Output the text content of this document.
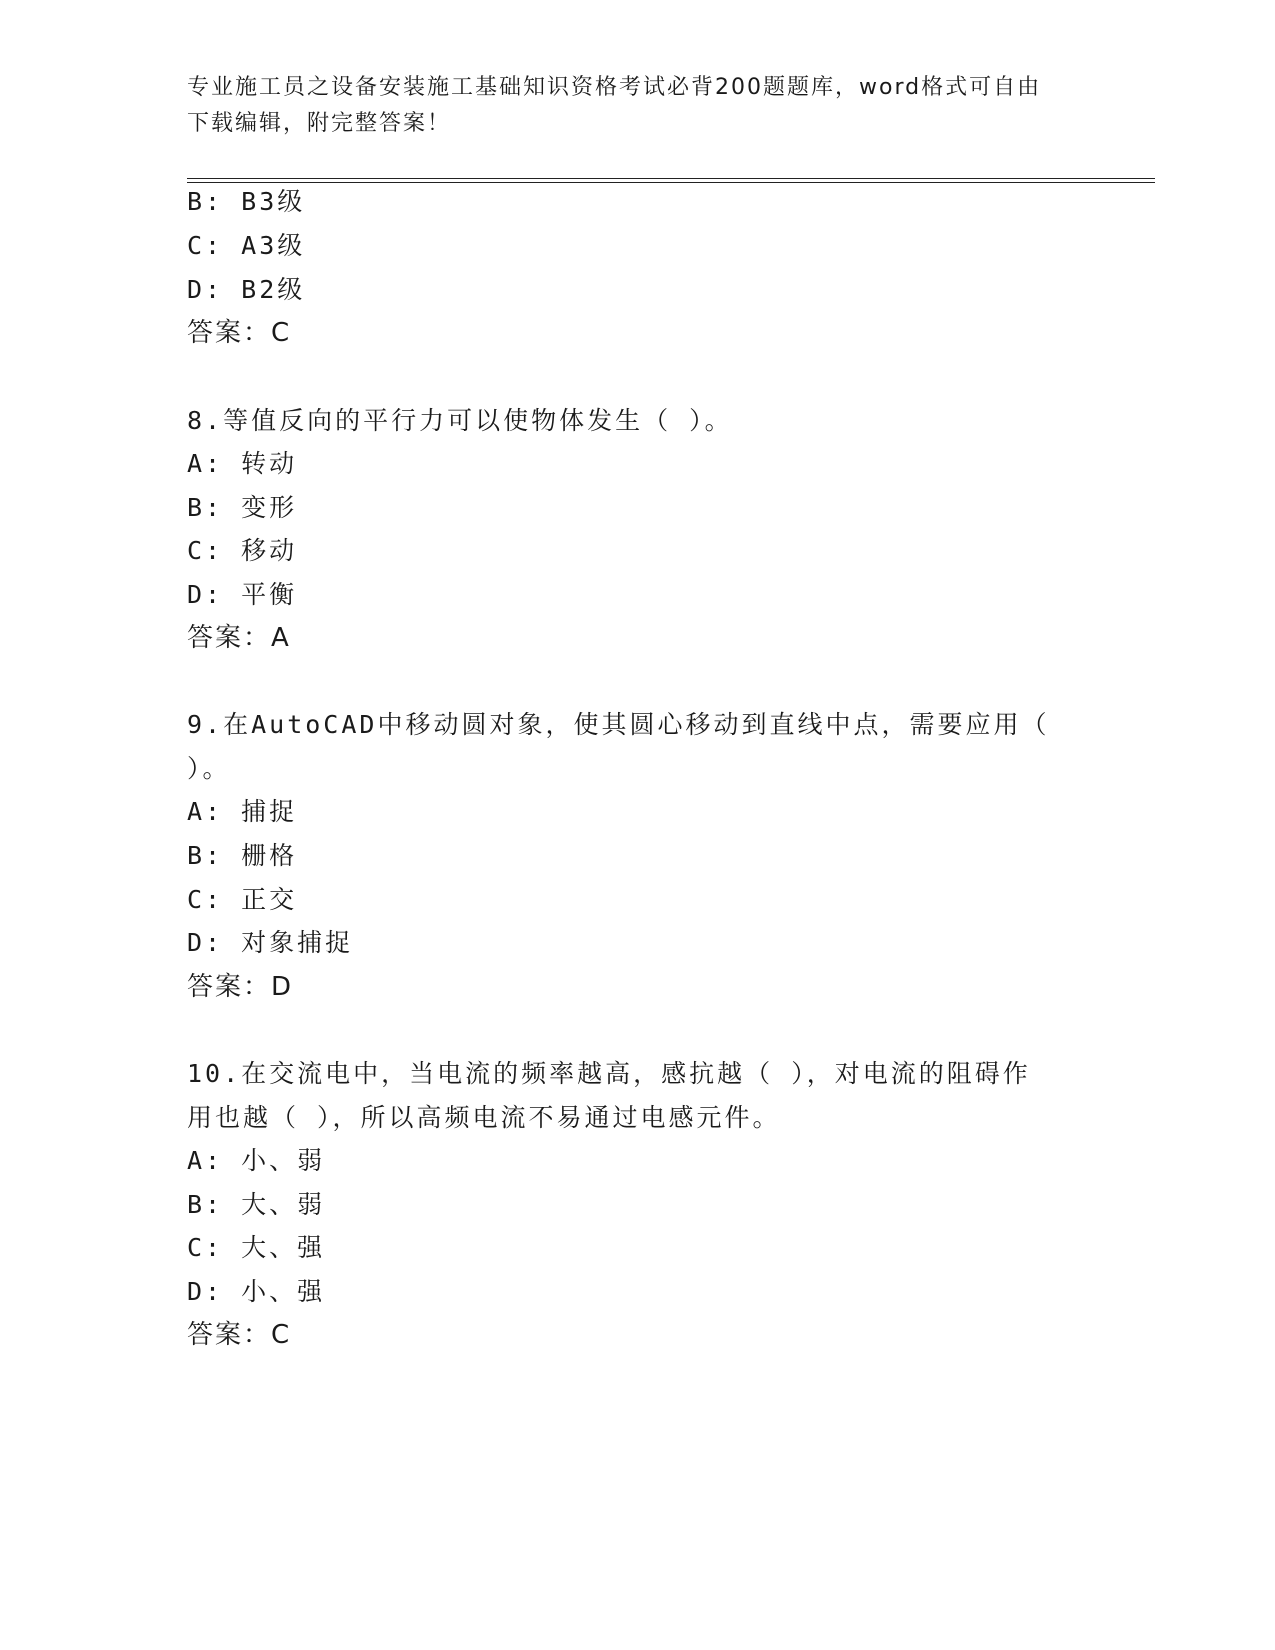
专业施工员之设备安装施工基础知识资格考试必背200题题库，word格式可自由
下载编辑，附完整答案！
B: B3级
C: A3级
D: B2级
答案：C
8.等值反向的平行力可以使物体发生（ ）。
A: 转动
B: 变形
C: 移动
D: 平衡
答案：A
9.在AutoCAD中移动圆对象，使其圆心移动到直线中点，需要应用（
）。
A: 捕捉
B: 栅格
C: 正交
D: 对象捕捉
答案：D
10.在交流电中，当电流的频率越高，感抗越（ ），对电流的阻碍作
用也越（ ），所以高频电流不易通过电感元件。
A: 小、弱
B: 大、弱
C: 大、强
D: 小、强
答案：C
